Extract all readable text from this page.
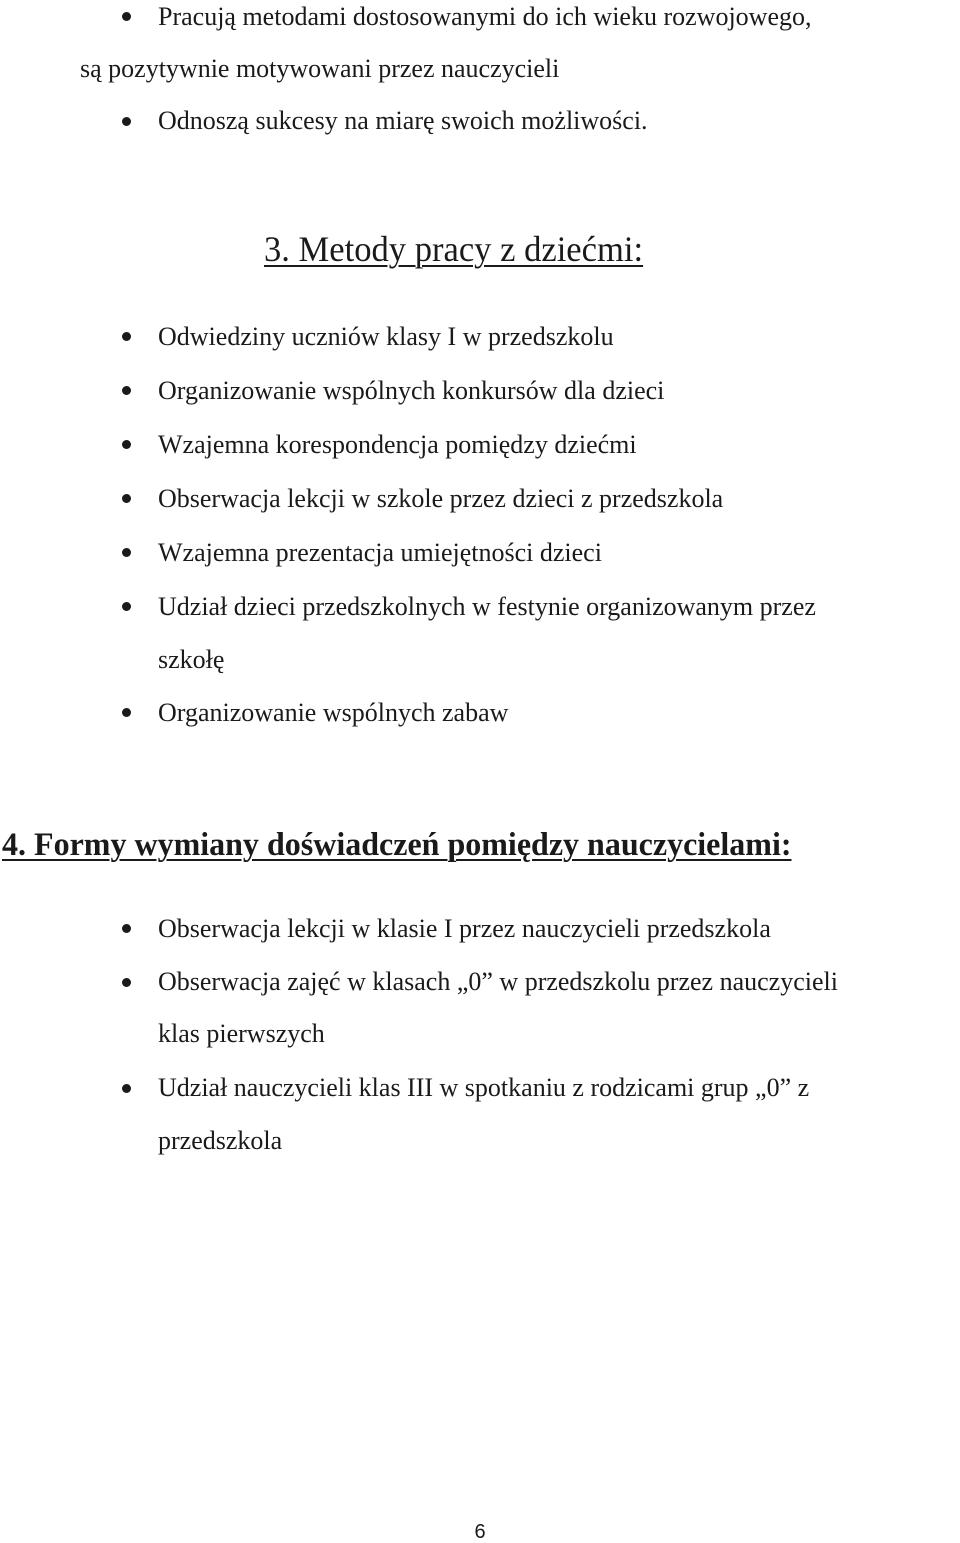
Pracują metodami dostosowanymi do ich wieku rozwojowego,
są pozytywnie motywowani przez nauczycieli
Odnoszą sukcesy na miarę swoich możliwości.
3. Metody pracy z dziećmi:
Odwiedziny uczniów klasy I w przedszkolu
Organizowanie wspólnych konkursów dla dzieci
Wzajemna korespondencja pomiędzy dziećmi
Obserwacja lekcji w szkole przez dzieci z przedszkola
Wzajemna prezentacja umiejętności dzieci
Udział dzieci przedszkolnych w festynie organizowanym przez
szkołę
Organizowanie wspólnych zabaw
4. Formy wymiany doświadczeń pomiędzy nauczycielami:
Obserwacja lekcji w klasie I przez nauczycieli przedszkola
Obserwacja zajęć w klasach „0” w przedszkolu przez nauczycieli
klas pierwszych
Udział nauczycieli klas III w spotkaniu z rodzicami grup „0” z
przedszkola
6
